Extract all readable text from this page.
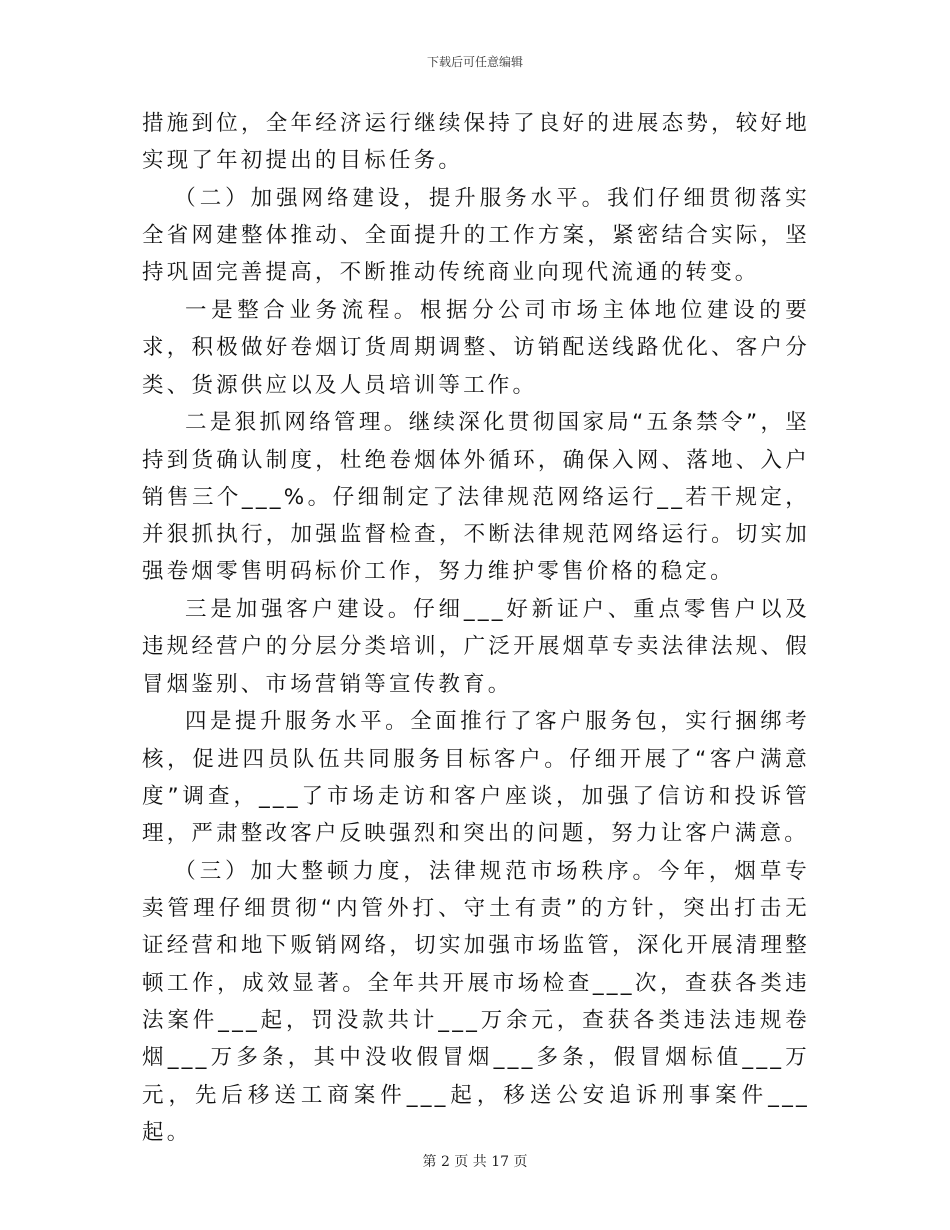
下载后可任意编辑

措施到位，全年经济运行继续保持了良好的进展态势，较好地实现了年初提出的目标任务。

（二）加强网络建设，提升服务水平。我们仔细贯彻落实全省网建整体推动、全面提升的工作方案，紧密结合实际，坚持巩固完善提高，不断推动传统商业向现代流通的转变。

一是整合业务流程。根据分公司市场主体地位建设的要求，积极做好卷烟订货周期调整、访销配送线路优化、客户分类、货源供应以及人员培训等工作。

二是狠抓网络管理。继续深化贯彻国家局“五条禁令”，坚持到货确认制度，杜绝卷烟体外循环，确保入网、落地、入户销售三个___%。仔细制定了法律规范网络运行__若干规定，并狠抓执行，加强监督检查，不断法律规范网络运行。切实加强卷烟零售明码标价工作，努力维护零售价格的稳定。

三是加强客户建设。仔细___好新证户、重点零售户以及违规经营户的分层分类培训，广泛开展烟草专卖法律法规、假冒烟鉴别、市场营销等宣传教育。

四是提升服务水平。全面推行了客户服务包，实行捆绑考核，促进四员队伍共同服务目标客户。仔细开展了“客户满意度”调查，___了市场走访和客户座谈，加强了信访和投诉管理，严肃整改客户反映强烈和突出的问题，努力让客户满意。

（三）加大整顿力度，法律规范市场秩序。今年，烟草专卖管理仔细贯彻“内管外打、守土有责”的方针，突出打击无证经营和地下贩销网络，切实加强市场监管，深化开展清理整顿工作，成效显著。全年共开展市场检查___次，查获各类违法案件___起，罚没款共计___万余元，查获各类违法违规卷烟___万多条，其中没收假冒烟___多条，假冒烟标值___万元，先后移送工商案件___起，移送公安追诉刑事案件___起。

第 2 页 共 17 页
